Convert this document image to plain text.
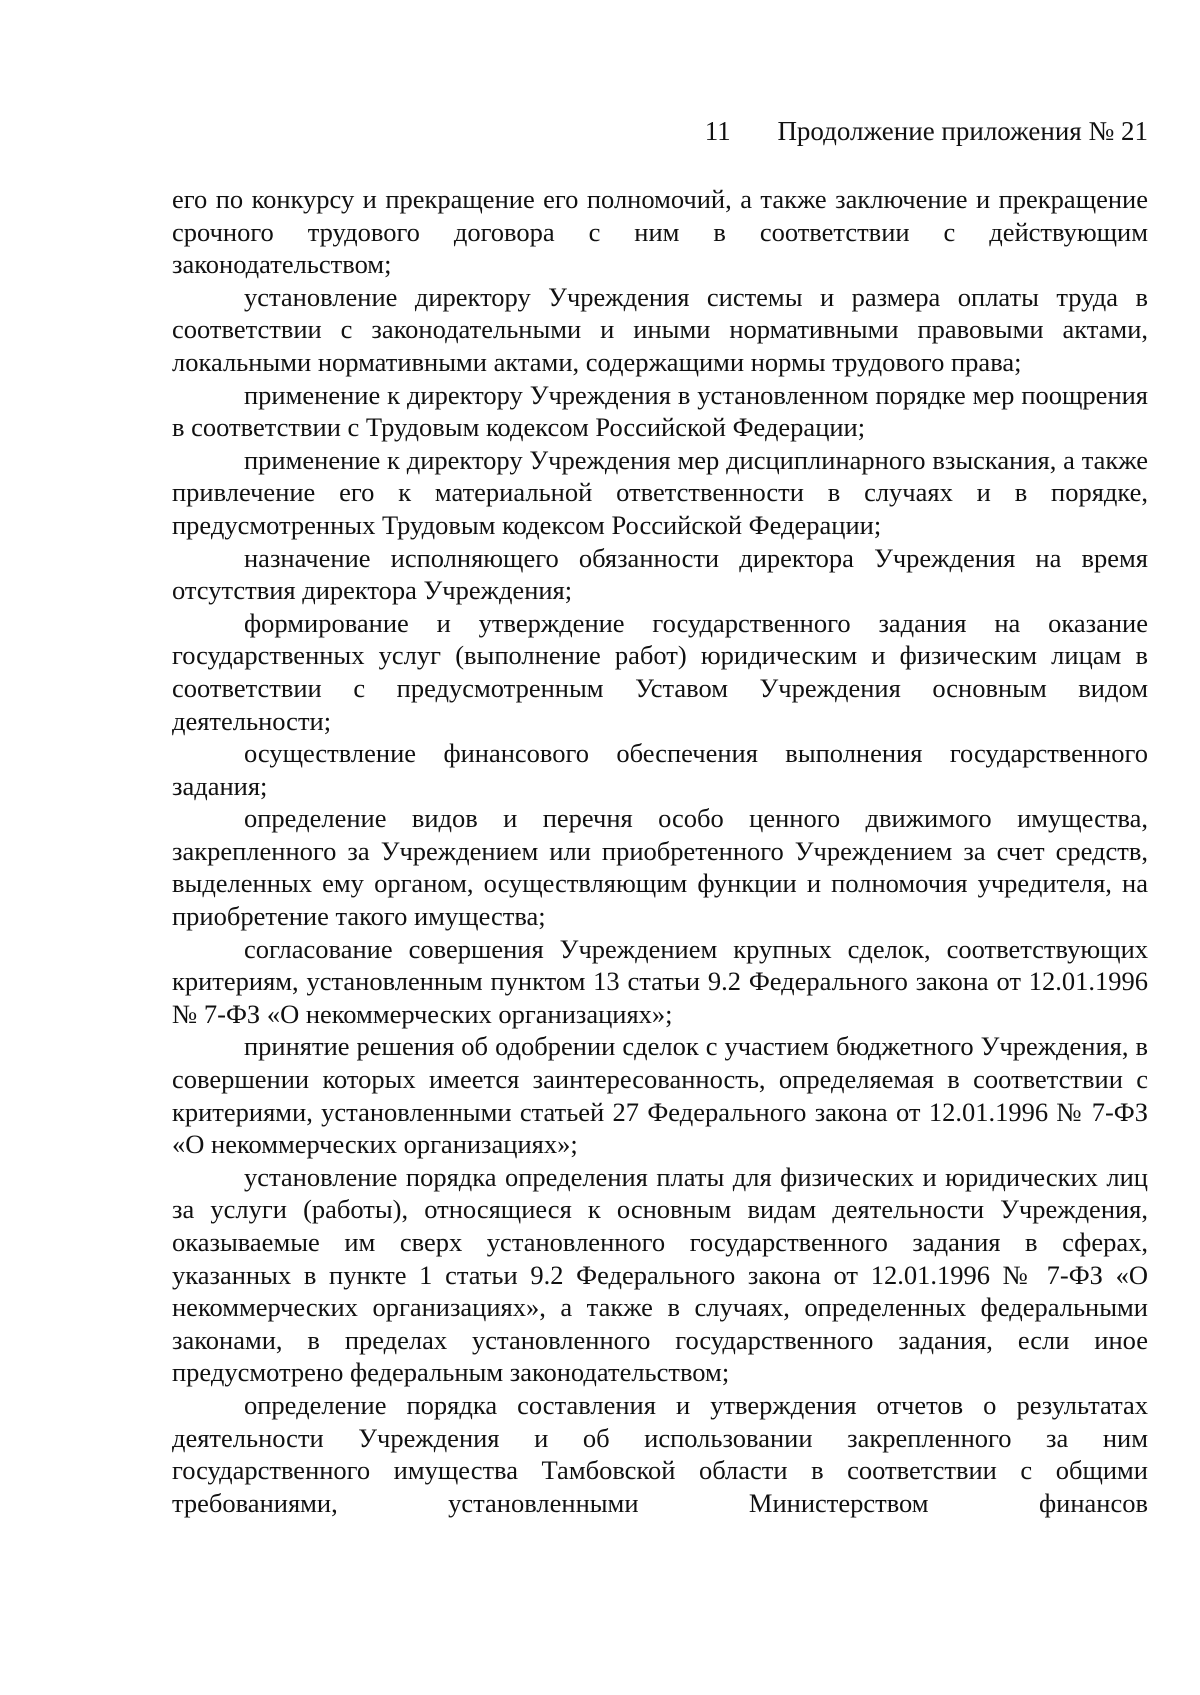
11 Продолжение приложения № 21

его по конкурсу и прекращение его полномочий, а также заключение и прекращение срочного трудового договора с ним в соответствии с действующим законодательством;

установление директору Учреждения системы и размера оплаты труда в соответствии с законодательными и иными нормативными правовыми актами, локальными нормативными актами, содержащими нормы трудового права;

применение к директору Учреждения в установленном порядке мер поощрения в соответствии с Трудовым кодексом Российской Федерации;

применение к директору Учреждения мер дисциплинарного взыскания, а также привлечение его к материальной ответственности в случаях и в порядке, предусмотренных Трудовым кодексом Российской Федерации;

назначение исполняющего обязанности директора Учреждения на время отсутствия директора Учреждения;

формирование и утверждение государственного задания на оказание государственных услуг (выполнение работ) юридическим и физическим лицам в соответствии с предусмотренным Уставом Учреждения основным видом деятельности;

осуществление финансового обеспечения выполнения государственного задания;

определение видов и перечня особо ценного движимого имущества, закрепленного за Учреждением или приобретенного Учреждением за счет средств, выделенных ему органом, осуществляющим функции и полномочия учредителя, на приобретение такого имущества;

согласование совершения Учреждением крупных сделок, соответствующих критериям, установленным пунктом 13 статьи 9.2 Федерального закона от 12.01.1996 № 7-ФЗ «О некоммерческих организациях»;

принятие решения об одобрении сделок с участием бюджетного Учреждения, в совершении которых имеется заинтересованность, определяемая в соответствии с критериями, установленными статьей 27 Федерального закона от 12.01.1996 № 7-ФЗ «О некоммерческих организациях»;

установление порядка определения платы для физических и юридических лиц за услуги (работы), относящиеся к основным видам деятельности Учреждения, оказываемые им сверх установленного государственного задания в сферах, указанных в пункте 1 статьи 9.2 Федерального закона от 12.01.1996 № 7-ФЗ «О некоммерческих организациях», а также в случаях, определенных федеральными законами, в пределах установленного государственного задания, если иное предусмотрено федеральным законодательством;

определение порядка составления и утверждения отчетов о результатах деятельности Учреждения и об использовании закрепленного за ним государственного имущества Тамбовской области в соответствии с общими требованиями, установленными Министерством финансов
